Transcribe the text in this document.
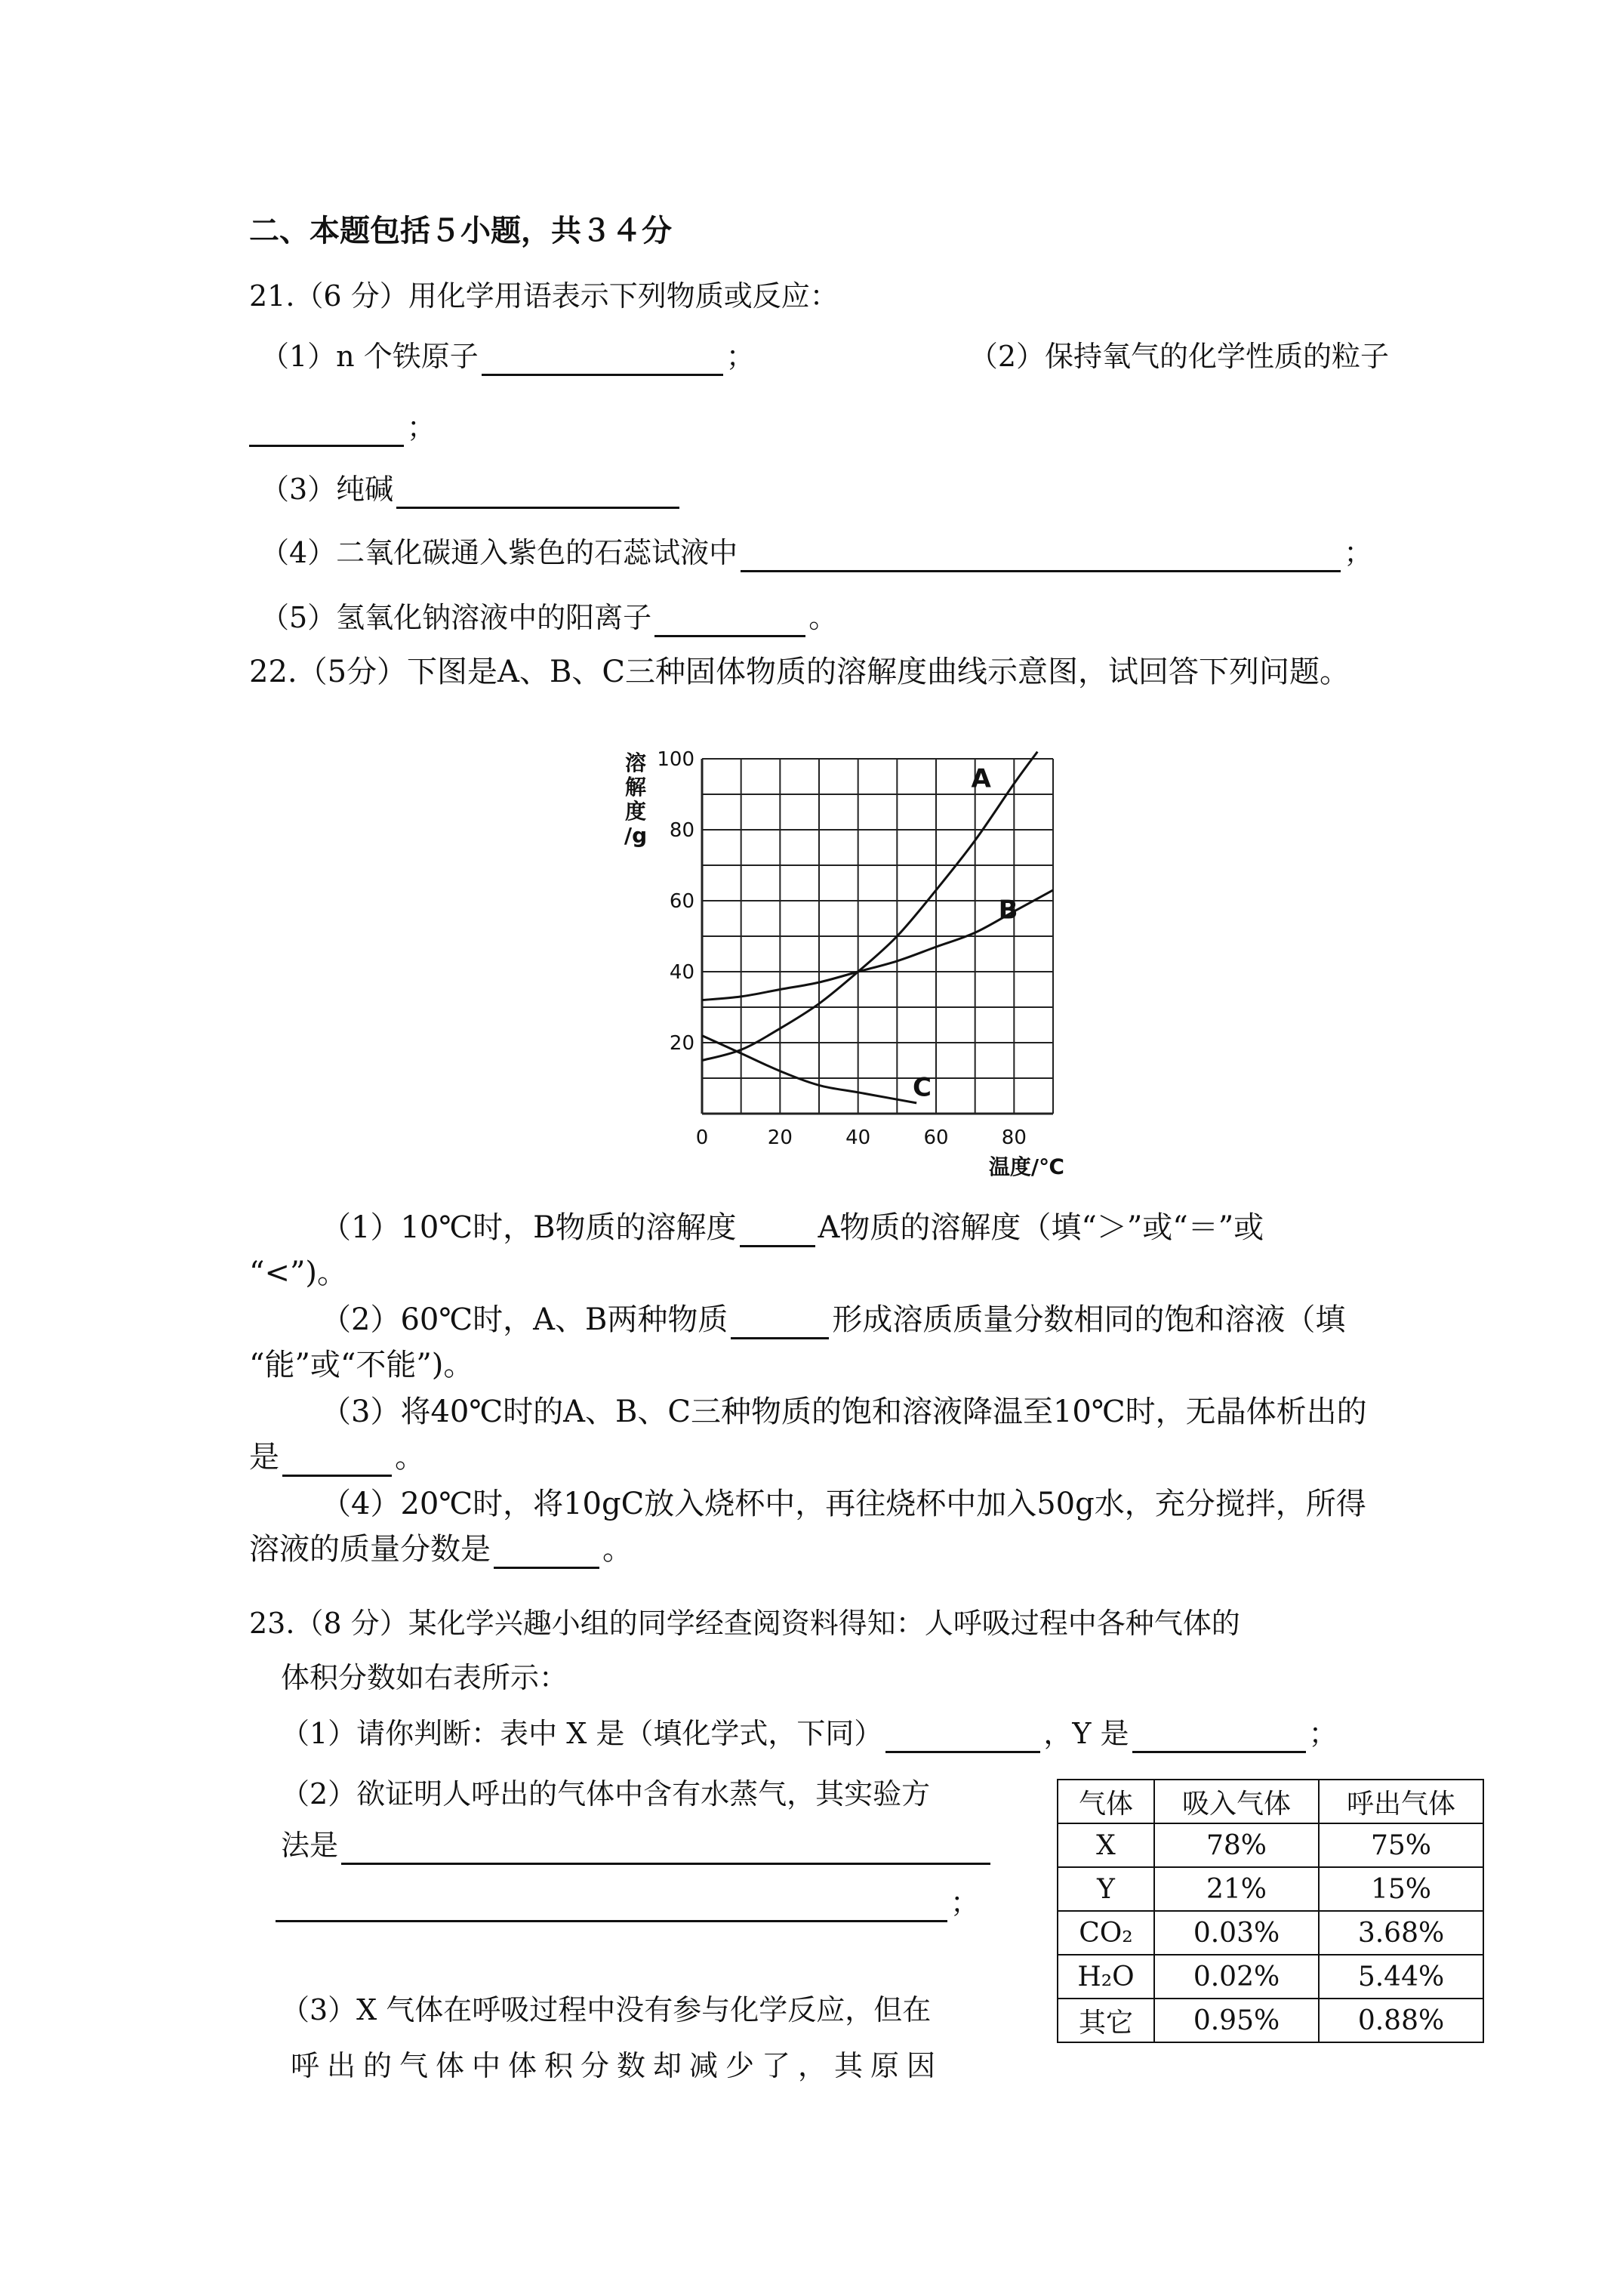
二、本题包括５小题，共３４分
21.（6 分）用化学用语表示下列物质或反应：
（1）n 个铁原子	；	（2）保持氧气的化学性质的粒子
；
（3）纯碱
（4）二氧化碳通入紫色的石蕊试液中	；
（5）氢氧化钠溶液中的阳离子	。
22.（5分）下图是A、B、C三种固体物质的溶解度曲线示意图，试回答下列问题。
0	20	40	60	80
20
40
60
80
100
A
B
C
溶解度/g
温度/℃
（1）10℃时，B物质的溶解度	A物质的溶解度（填“＞”或“＝”或
“<”)。
（2）60℃时，A、B两种物质	形成溶质质量分数相同的饱和溶液（填
“能”或“不能”)。
（3）将40℃时的A、B、C三种物质的饱和溶液降温至10℃时，无晶体析出的
是	。
（4）20℃时，将10gC放入烧杯中，再往烧杯中加入50g水，充分搅拌，所得
溶液的质量分数是	。
23.（8 分）某化学兴趣小组的同学经查阅资料得知：人呼吸过程中各种气体的
体积分数如右表所示：
（1）请你判断：表中 X 是（填化学式，下同）	，Y 是	；
（2）欲证明人呼出的气体中含有水蒸气，其实验方
法是
；
（3）X 气体在呼吸过程中没有参与化学反应，但在
呼出的气体中体积分数却减少了，其原因
气体	吸入气体	呼出气体
X	78%	75%
Y	21%	15%
CO₂	0.03%	3.68%
H₂O	0.02%	5.44%
其它	0.95%	0.88%
